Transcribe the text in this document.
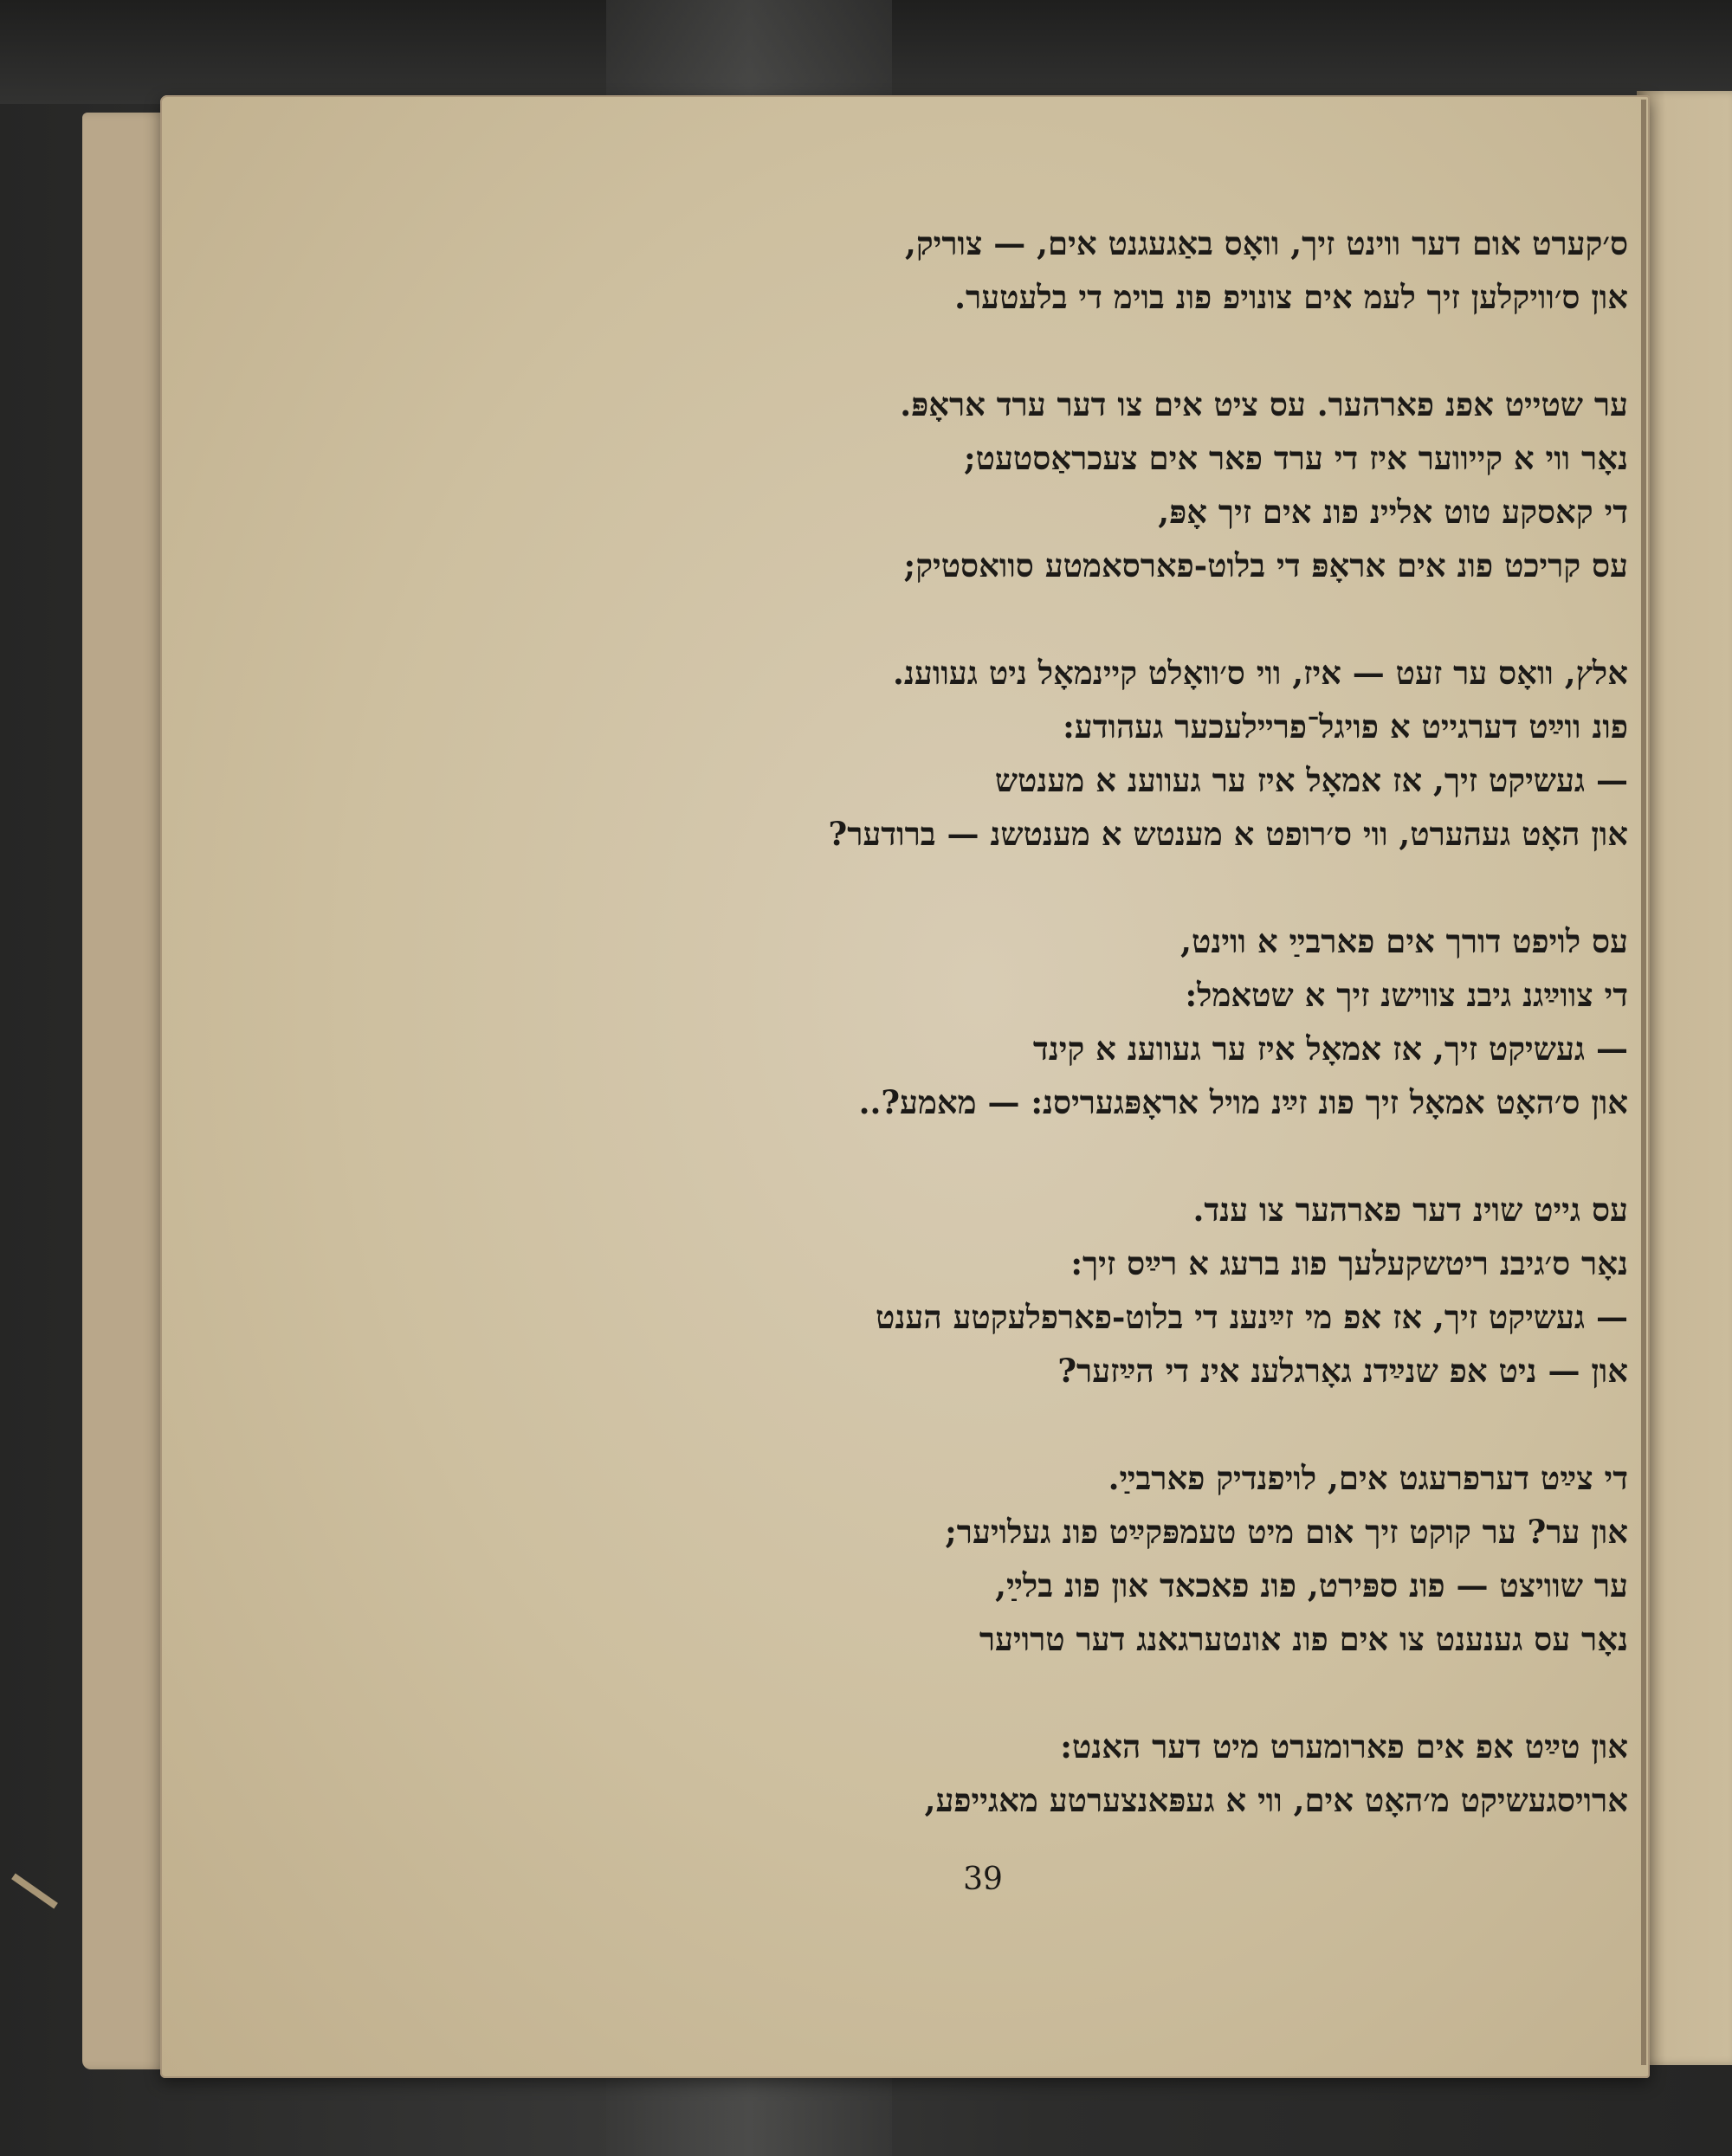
ס׳קערט אום דער ווינט זיך, וואָס באַגעגנט אים, — צוריק,
און ס׳וויקלען זיך לעמ אים צונויפ פונ בוימ די בלעטער.
ער שטייט אפנ פארהער. עס ציט אים צו דער ערד אראָפּ.
נאָר ווי א קייווער איז די ערד פאר אים צעכראַסטעט;
די קאסקע טוט אליינ פונ אים זיך אָפּ,
עס קריכט פונ אים אראָפּ די בלוט-פארסאמטע סוואסטיק;
אלץ, וואָס ער זעט — איז, ווי ס׳וואָלט קיינמאָל ניט געווענ.
פונ ווײַט דערגייט א פויגל־פרײלעכער געהודע:
— געשיקט זיך, אז אמאָל איז ער געווענ א מענטש
און האָט געהערט, ווי ס׳רופט א מענטש א מענטשנ — ברודער?
עס לויפט דורך אים פארבײַ א ווינט,
די צווײַגנ גיבנ צווישנ זיך א שטאמל:
— געשיקט זיך, אז אמאָל איז ער געווענ א קינד
און ס׳האָט אמאָל זיך פונ זײַנ מויל אראָפּגעריסנ: — מאמע?..
עס גייט שוינ דער פארהער צו ענד.
נאָר ס׳גיבנ ריטשקעלעך פונ ברעג א רײַס זיך:
— געשיקט זיך, אז אפ מי זײַנענ די בלוט-פארפלעקטע הענט
און — ניט אפ שנײַדנ גאָרגלענ אינ די הײַזער?
די צײַט דערפרעגט אים, לויפנדיק פארבײַ.
און ער? ער קוקט זיך אום מיט טעמפּקײַט פונ געלויער;
ער שוויצט — פונ ספּירט, פונ פאכאד און פונ בלײַ,
נאָר עס גענענט צו אים פונ אונטערגאנג דער טרויער
און טײַט אפ אים פארומערט מיט דער האנט:
ארויסגעשיקט מ׳האָט אים, ווי א געפּאנצערטע מאגייפע,
39
